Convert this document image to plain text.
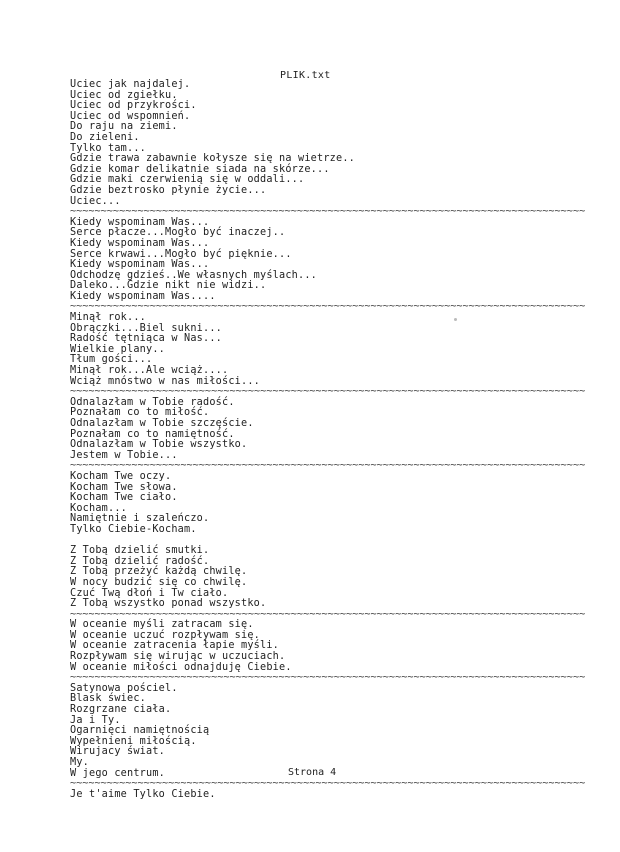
PLIK.txt
Uciec jak najdalej.
Uciec od zgiełku.
Uciec od przykrości.
Uciec od wspomnień.
Do raju na ziemi.
Do zieleni.
Tylko tam...
Gdzie trawa zabawnie kołysze się na wietrze..
Gdzie komar delikatnie siada na skórze...
Gdzie maki czerwienią się w oddali...
Gdzie beztrosko płynie życie...
Uciec...
~~~~~~~~~~~~~~~~~~~~~~~~~~~~~~~~~~~~~~~~~~~~~~~~~~~~~~~~~~~~~~~~~~~~~~~~~~~~~~~~~~~~
Kiedy wspominam Was...
Serce płacze...Mogło być inaczej..
Kiedy wspominam Was...
Serce krwawi...Mogło być pięknie...
Kiedy wspominam Was...
Odchodzę gdzieś..We własnych myślach...
Daleko...Gdzie nikt nie widzi..
Kiedy wspominam Was....
~~~~~~~~~~~~~~~~~~~~~~~~~~~~~~~~~~~~~~~~~~~~~~~~~~~~~~~~~~~~~~~~~~~~~~~~~~~~~~~~~~~~
Minął rok...
Obrączki...Biel sukni...
Radość tętniąca w Nas...
Wielkie plany..
Tłum gości...
Minął rok...Ale wciąż....
Wciąż mnóstwo w nas miłości...
~~~~~~~~~~~~~~~~~~~~~~~~~~~~~~~~~~~~~~~~~~~~~~~~~~~~~~~~~~~~~~~~~~~~~~~~~~~~~~~~~~~~
Odnalazłam w Tobie radość.
Poznałam co to miłość.
Odnalazłam w Tobie szczęście.
Poznałam co to namiętność.
Odnalazłam w Tobie wszystko.
Jestem w Tobie...
~~~~~~~~~~~~~~~~~~~~~~~~~~~~~~~~~~~~~~~~~~~~~~~~~~~~~~~~~~~~~~~~~~~~~~~~~~~~~~~~~~~~
Kocham Twe oczy.
Kocham Twe słowa.
Kocham Twe ciało.
Kocham...
Namiętnie i szaleńczo.
Tylko Ciebie-Kocham.
Z Tobą dzielić smutki.
Z Tobą dzielić radość.
Z Tobą przeżyć każdą chwilę.
W nocy budzić się co chwilę.
Czuć Twą dłoń i Tw ciało.
Z Tobą wszystko ponad wszystko.
~~~~~~~~~~~~~~~~~~~~~~~~~~~~~~~~~~~~~~~~~~~~~~~~~~~~~~~~~~~~~~~~~~~~~~~~~~~~~~~~~~~~
W oceanie myśli zatracam się.
W oceanie uczuć rozpływam się.
W oceanie zatracenia łapie myśli.
Rozpływam się wirując w uczuciach.
W oceanie miłości odnajduję Ciebie.
~~~~~~~~~~~~~~~~~~~~~~~~~~~~~~~~~~~~~~~~~~~~~~~~~~~~~~~~~~~~~~~~~~~~~~~~~~~~~~~~~~~~
Satynowa pościel.
Blask świec.
Rozgrzane ciała.
Ja i Ty.
Ogarnięci namiętnością
Wypełnieni miłością.
Wirujacy świat.
My.
W jego centrum.
~~~~~~~~~~~~~~~~~~~~~~~~~~~~~~~~~~~~~~~~~~~~~~~~~~~~~~~~~~~~~~~~~~~~~~~~~~~~~~~~~~~~
Je t'aime Tylko Ciebie.
Strona 4
